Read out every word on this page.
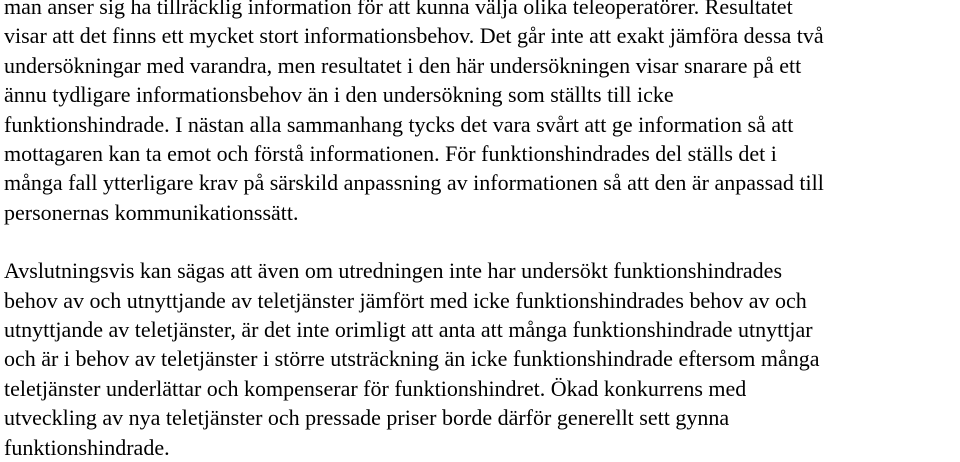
man anser sig ha tillräcklig information för att kunna välja olika teleoperatörer. Resultatet
visar att det finns ett mycket stort informationsbehov. Det går inte att exakt jämföra dessa två
undersökningar med varandra, men resultatet i den här undersökningen visar snarare på ett
ännu tydligare informationsbehov än i den undersökning som ställts till icke
funktionshindrade. I nästan alla sammanhang tycks det vara svårt att ge information så att
mottagaren kan ta emot och förstå informationen. För funktionshindrades del ställs det i
många fall ytterligare krav på särskild anpassning av informationen så att den är anpassad till
personernas kommunikationssätt.

Avslutningsvis kan sägas att även om utredningen inte har undersökt funktionshindrades
behov av och utnyttjande av teletjänster jämfört med icke funktionshindrades behov av och
utnyttjande av teletjänster, är det inte orimligt att anta att många funktionshindrade utnyttjar
och är i behov av teletjänster i större utsträckning än icke funktionshindrade eftersom många
teletjänster underlättar och kompenserar för funktionshindret. Ökad konkurrens med
utveckling av nya teletjänster och pressade priser borde därför generellt sett gynna
funktionshindrade.
